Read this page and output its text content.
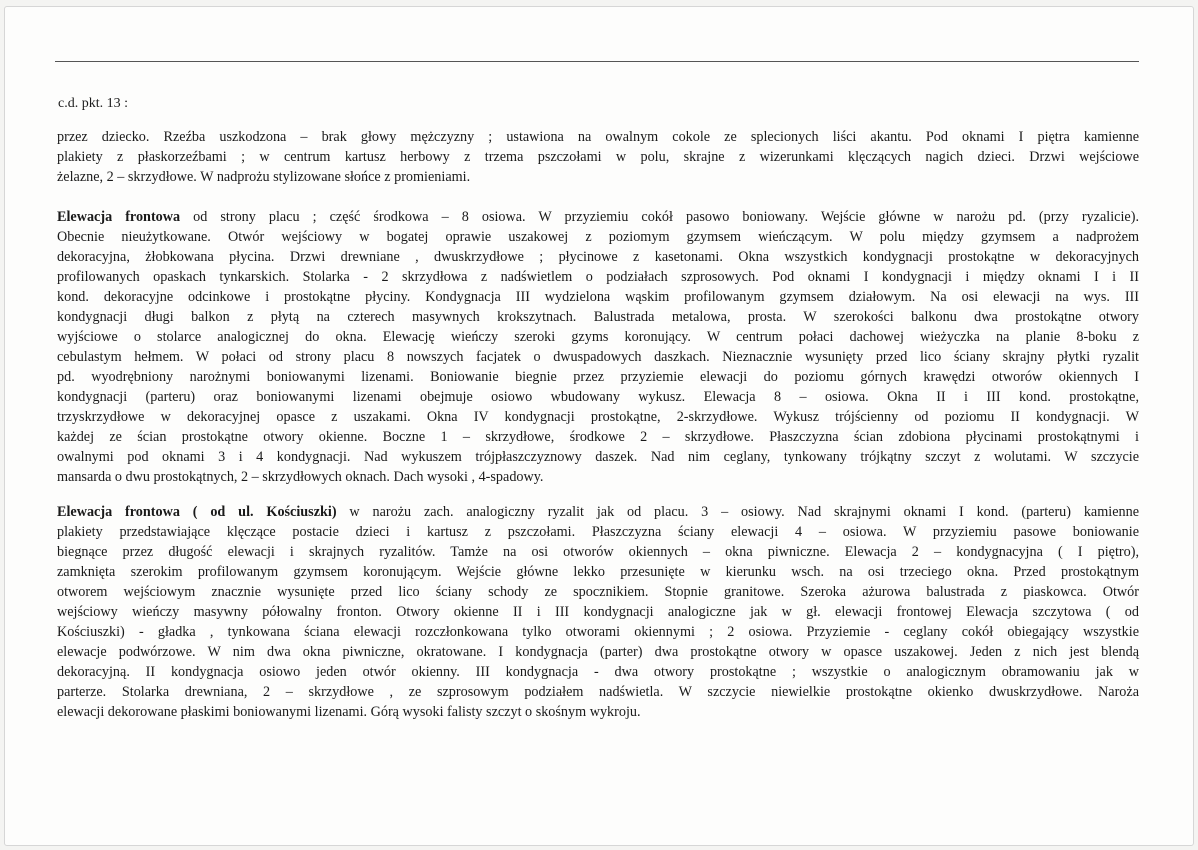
c.d. pkt. 13 :
przez dziecko. Rzeźba uszkodzona – brak głowy mężczyzny ; ustawiona na owalnym cokole ze splecionych liści akantu. Pod oknami I piętra kamienne
plakiety z płaskorzeźbami ; w centrum kartusz herbowy z trzema pszczołami w polu, skrajne z wizerunkami klęczących nagich dzieci. Drzwi wejściowe
żelazne, 2 – skrzydłowe. W nadprożu stylizowane słońce z promieniami.
Elewacja frontowa od strony placu ; część środkowa – 8 osiowa. W przyziemiu cokół pasowo boniowany. Wejście główne w narożu pd. (przy ryzalicie).
Obecnie nieużytkowane. Otwór wejściowy w bogatej oprawie uszakowej z poziomym gzymsem wieńczącym. W polu między gzymsem a nadprożem
dekoracyjna, żłobkowana płycina. Drzwi drewniane , dwuskrzydłowe ; płycinowe z kasetonami. Okna wszystkich kondygnacji prostokątne w dekoracyjnych
profilowanych opaskach tynkarskich. Stolarka - 2 skrzydłowa z nadświetlem o podziałach szprosowych. Pod oknami I kondygnacji i między oknami I i II
kond. dekoracyjne odcinkowe i prostokątne płyciny. Kondygnacja III wydzielona wąskim profilowanym gzymsem działowym. Na osi elewacji na wys. III
kondygnacji długi balkon z płytą na czterech masywnych krokszytnach. Balustrada metalowa, prosta. W szerokości balkonu dwa prostokątne otwory
wyjściowe o stolarce analogicznej do okna. Elewację wieńczy szeroki gzyms koronujący. W centrum połaci dachowej wieżyczka na planie 8-boku z
cebulastym hełmem. W połaci od strony placu 8 nowszych facjatek o dwuspadowych daszkach. Nieznacznie wysunięty przed lico ściany skrajny płytki ryzalit
pd. wyodrębniony narożnymi boniowanymi lizenami. Boniowanie biegnie przez przyziemie elewacji do poziomu górnych krawędzi otworów okiennych I
kondygnacji (parteru) oraz boniowanymi lizenami obejmuje osiowo wbudowany wykusz. Elewacja 8 – osiowa. Okna II i III kond. prostokątne,
trzyskrzydłowe w dekoracyjnej opasce z uszakami. Okna IV kondygnacji prostokątne, 2-skrzydłowe. Wykusz trójścienny od poziomu II kondygnacji. W
każdej ze ścian prostokątne otwory okienne. Boczne 1 – skrzydłowe, środkowe 2 – skrzydłowe. Płaszczyzna ścian zdobiona płycinami prostokątnymi i
owalnymi pod oknami 3 i 4 kondygnacji. Nad wykuszem trójpłaszczyznowy daszek. Nad nim ceglany, tynkowany trójkątny szczyt z wolutami. W szczycie
mansarda o dwu prostokątnych, 2 – skrzydłowych oknach. Dach wysoki , 4-spadowy.
Elewacja frontowa ( od ul. Kościuszki) w narożu zach. analogiczny ryzalit jak od placu. 3 – osiowy. Nad skrajnymi oknami I kond. (parteru) kamienne
plakiety przedstawiające klęczące postacie dzieci i kartusz z pszczołami. Płaszczyzna ściany elewacji 4 – osiowa. W przyziemiu pasowe boniowanie
biegnące przez długość elewacji i skrajnych ryzalitów. Tamże na osi otworów okiennych – okna piwniczne. Elewacja 2 – kondygnacyjna ( I piętro),
zamknięta szerokim profilowanym gzymsem koronującym. Wejście główne lekko przesunięte w kierunku wsch. na osi trzeciego okna. Przed prostokątnym
otworem wejściowym znacznie wysunięte przed lico ściany schody ze spocznikiem. Stopnie granitowe. Szeroka ażurowa balustrada z piaskowca. Otwór
wejściowy wieńczy masywny półowalny fronton. Otwory okienne II i III kondygnacji analogiczne jak w gł. elewacji frontowej Elewacja szczytowa ( od
Kościuszki) - gładka , tynkowana ściana elewacji rozczłonkowana tylko otworami okiennymi ; 2 osiowa. Przyziemie - ceglany cokół obiegający wszystkie
elewacje podwórzowe. W nim dwa okna piwniczne, okratowane. I kondygnacja (parter) dwa prostokątne otwory w opasce uszakowej. Jeden z nich jest blendą
dekoracyjną. II kondygnacja osiowo jeden otwór okienny. III kondygnacja - dwa otwory prostokątne ; wszystkie o analogicznym obramowaniu jak w
parterze. Stolarka drewniana, 2 – skrzydłowe , ze szprosowym podziałem nadświetla. W szczycie niewielkie prostokątne okienko dwuskrzydłowe. Naroża
elewacji dekorowane płaskimi boniowanymi lizenami. Górą wysoki falisty szczyt o skośnym wykroju.
